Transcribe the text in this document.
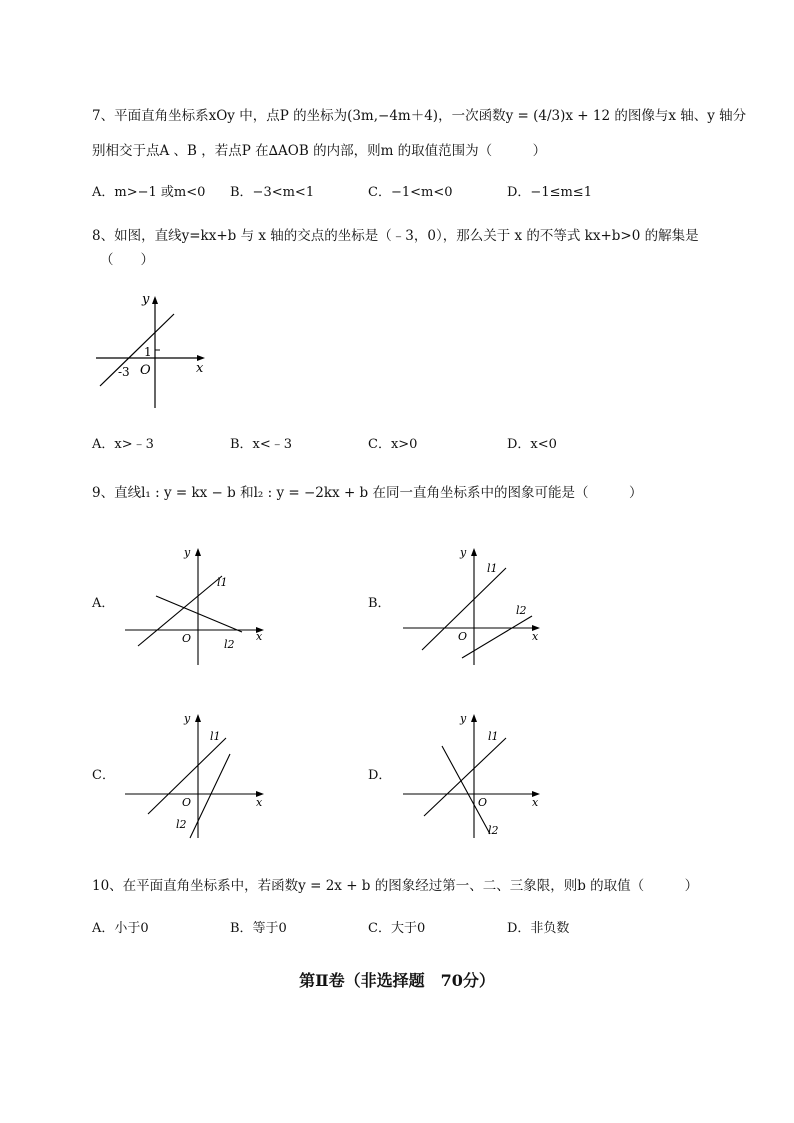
7、平面直角坐标系xOy 中，点P 的坐标为(3m,−4m＋4)，一次函数y = (4/3)x + 12 的图像与x 轴、y 轴分
别相交于点A 、B ，若点P 在∆AOB 的内部，则m 的取值范围为（　　　）
A．m>−1 或m<0 B．−3<m<1	C．−1<m<0	D．−1≤m≤1
8、如图，直线y=kx+b 与 x 轴的交点的坐标是（﹣3，0），那么关于 x 的不等式 kx+b>0 的解集是
（　　）
y
x
O
-3
1
A．x>﹣3	B．x<﹣3	C．x>0	D．x<0
9、直线l₁ : y = kx − b 和l₂ : y = −2kx + b 在同一直角坐标系中的图象可能是（　　　）
A．
y
x
O
l1
l2
B．
y
x
O
l1
l2
C．
y
x
O
l1
l2
D．
y
x
O
l1
l2
10、在平面直角坐标系中，若函数y = 2x + b 的图象经过第一、二、三象限，则b 的取值（　　　）
A．小于0	B．等于0	C．大于0	D．非负数
第Ⅱ卷（非选择题　70分）
